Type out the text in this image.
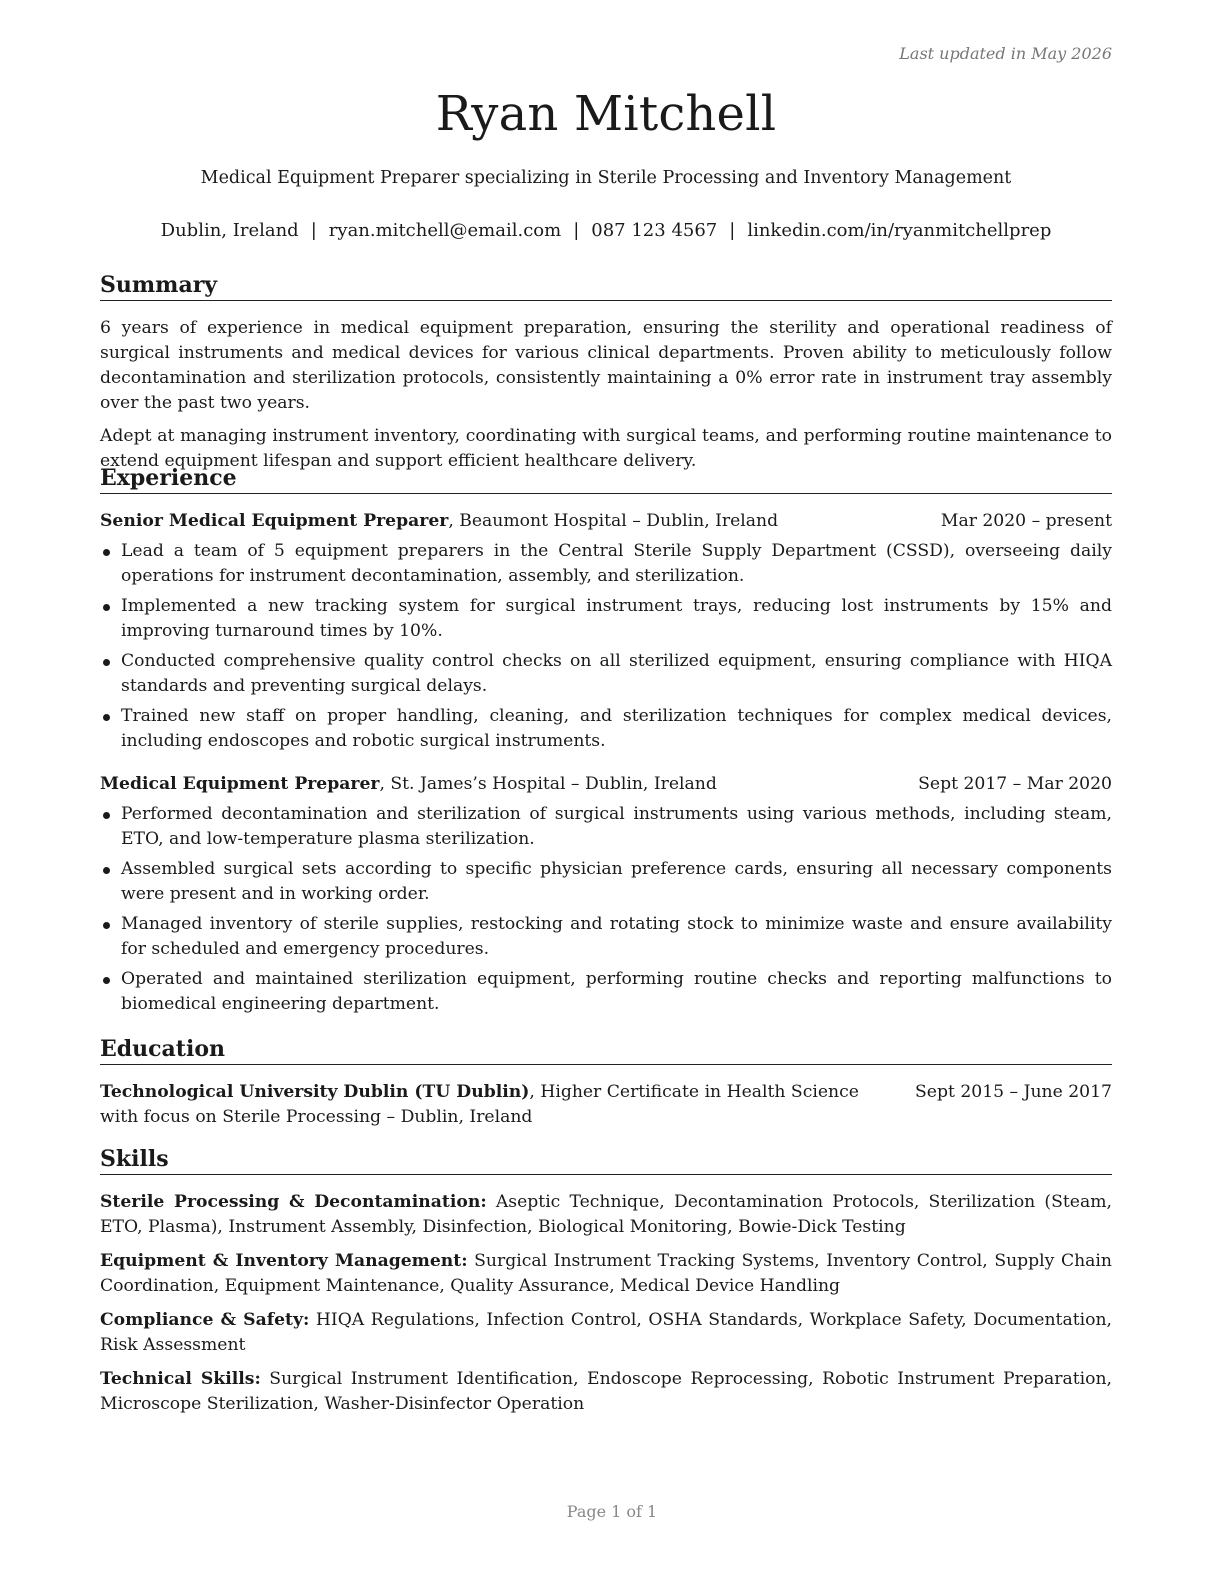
Last updated in May 2026
Ryan Mitchell
Medical Equipment Preparer specializing in Sterile Processing and Inventory Management
Dublin, Ireland | ryan.mitchell@email.com | 087 123 4567 | linkedin.com/in/ryanmitchellprep
Summary

6 years of experience in medical equipment preparation, ensuring the sterility and operational readiness of surgical instruments and medical devices for various clinical departments. Proven ability to meticulously follow decontamination and sterilization protocols, consistently maintaining a 0% error rate in instrument tray assembly over the past two years.

Adept at managing instrument inventory, coordinating with surgical teams, and performing routine maintenance to extend equipment lifespan and support efficient healthcare delivery.

Experience
Senior Medical Equipment Preparer, Beaumont Hospital – Dublin, Ireland	Mar 2020 – present
Lead a team of 5 equipment preparers in the Central Sterile Supply Department (CSSD), overseeing daily operations for instrument decontamination, assembly, and sterilization.
Implemented a new tracking system for surgical instrument trays, reducing lost instruments by 15% and improving turnaround times by 10%.
Conducted comprehensive quality control checks on all sterilized equipment, ensuring compliance with HIQA standards and preventing surgical delays.
Trained new staff on proper handling, cleaning, and sterilization techniques for complex medical devices, including endoscopes and robotic surgical instruments.
Medical Equipment Preparer, St. James’s Hospital – Dublin, Ireland	Sept 2017 – Mar 2020
Performed decontamination and sterilization of surgical instruments using various methods, including steam, ETO, and low-temperature plasma sterilization.
Assembled surgical sets according to specific physician preference cards, ensuring all necessary components were present and in working order.
Managed inventory of sterile supplies, restocking and rotating stock to minimize waste and ensure availability for scheduled and emergency procedures.
Operated and maintained sterilization equipment, performing routine checks and reporting malfunctions to biomedical engineering department.
Education
Technological University Dublin (TU Dublin), Higher Certificate in Health Science with focus on Sterile Processing – Dublin, Ireland
Sept 2015 – June 2017
Skills

Sterile Processing & Decontamination: Aseptic Technique, Decontamination Protocols, Sterilization (Steam, ETO, Plasma), Instrument Assembly, Disinfection, Biological Monitoring, Bowie-Dick Testing

Equipment & Inventory Management: Surgical Instrument Tracking Systems, Inventory Control, Supply Chain Coordination, Equipment Maintenance, Quality Assurance, Medical Device Handling

Compliance & Safety: HIQA Regulations, Infection Control, OSHA Standards, Workplace Safety, Documentation, Risk Assessment

Technical Skills: Surgical Instrument Identification, Endoscope Reprocessing, Robotic Instrument Preparation, Microscope Sterilization, Washer-Disinfector Operation

Page 1 of 1
